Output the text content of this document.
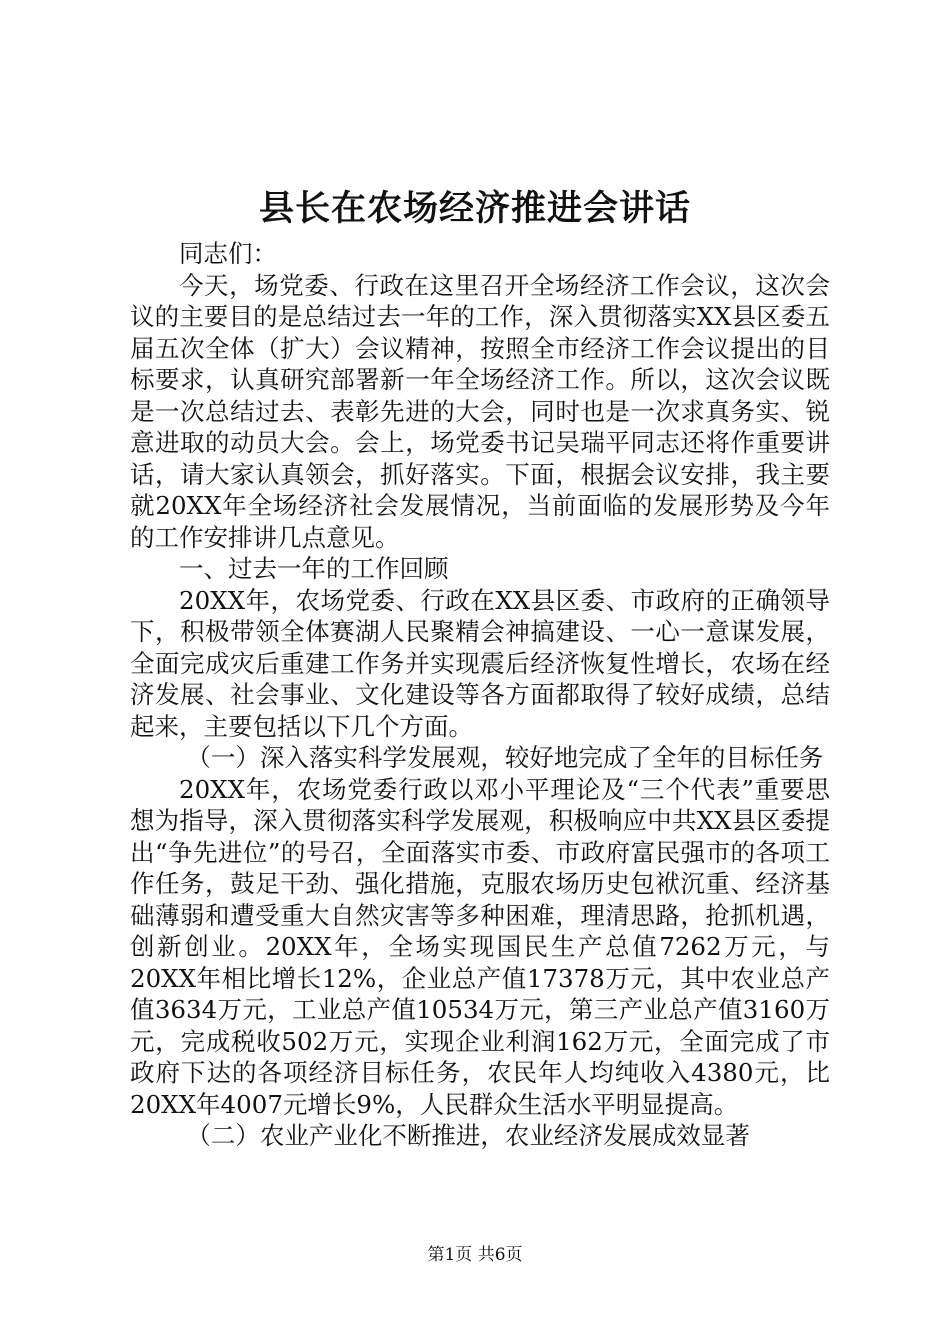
县长在农场经济推进会讲话

同志们：

今天，场党委、行政在这里召开全场经济工作会议，这次会议的主要目的是总结过去一年的工作，深入贯彻落实XX县区委五届五次全体（扩大）会议精神，按照全市经济工作会议提出的目标要求，认真研究部署新一年全场经济工作。所以，这次会议既是一次总结过去、表彰先进的大会，同时也是一次求真务实、锐意进取的动员大会。会上，场党委书记吴瑞平同志还将作重要讲话，请大家认真领会，抓好落实。下面，根据会议安排，我主要就20XX年全场经济社会发展情况，当前面临的发展形势及今年的工作安排讲几点意见。

一、过去一年的工作回顾

20XX年，农场党委、行政在XX县区委、市政府的正确领导下，积极带领全体赛湖人民聚精会神搞建设、一心一意谋发展，全面完成灾后重建工作务并实现震后经济恢复性增长，农场在经济发展、社会事业、文化建设等各方面都取得了较好成绩，总结起来，主要包括以下几个方面。

（一）深入落实科学发展观，较好地完成了全年的目标任务

20XX年，农场党委行政以邓小平理论及“三个代表”重要思想为指导，深入贯彻落实科学发展观，积极响应中共XX县区委提出“争先进位”的号召，全面落实市委、市政府富民强市的各项工作任务，鼓足干劲、强化措施，克服农场历史包袱沉重、经济基础薄弱和遭受重大自然灾害等多种困难，理清思路，抢抓机遇，创新创业。20XX年，全场实现国民生产总值7262万元，与20XX年相比增长12%，企业总产值17378万元，其中农业总产值3634万元，工业总产值10534万元，第三产业总产值3160万元，完成税收502万元，实现企业利润162万元，全面完成了市政府下达的各项经济目标任务，农民年人均纯收入4380元，比20XX年4007元增长9%，人民群众生活水平明显提高。

（二）农业产业化不断推进，农业经济发展成效显著

第1页 共6页
